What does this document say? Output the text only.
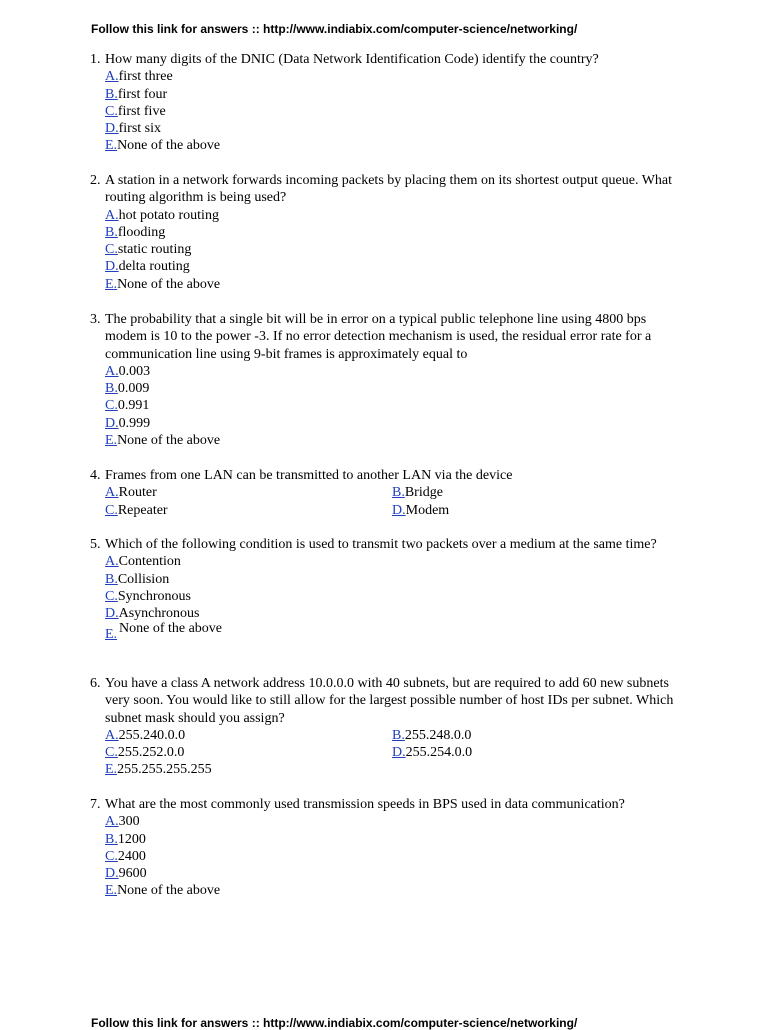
Follow this link for answers :: http://www.indiabix.com/computer-science/networking/
1. How many digits of the DNIC (Data Network Identification Code) identify the country?
A.first three
B.first four
C.first five
D.first six
E.None of the above
2. A station in a network forwards incoming packets by placing them on its shortest output queue. What routing algorithm is being used?
A.hot potato routing
B.flooding
C.static routing
D.delta routing
E.None of the above
3. The probability that a single bit will be in error on a typical public telephone line using 4800 bps modem is 10 to the power -3. If no error detection mechanism is used, the residual error rate for a communication line using 9-bit frames is approximately equal to
A.0.003
B.0.009
C.0.991
D.0.999
E.None of the above
4. Frames from one LAN can be transmitted to another LAN via the device
A.Router	B.Bridge
C.Repeater	D.Modem
5. Which of the following condition is used to transmit two packets over a medium at the same time?
A.Contention
B.Collision
C.Synchronous
D.Asynchronous
E. None of the above
6. You have a class A network address 10.0.0.0 with 40 subnets, but are required to add 60 new subnets very soon. You would like to still allow for the largest possible number of host IDs per subnet. Which subnet mask should you assign?
A.255.240.0.0	B.255.248.0.0
C.255.252.0.0	D.255.254.0.0
E.255.255.255.255
7. What are the most commonly used transmission speeds in BPS used in data communication?
A.300
B.1200
C.2400
D.9600
E.None of the above
Follow this link for answers :: http://www.indiabix.com/computer-science/networking/
